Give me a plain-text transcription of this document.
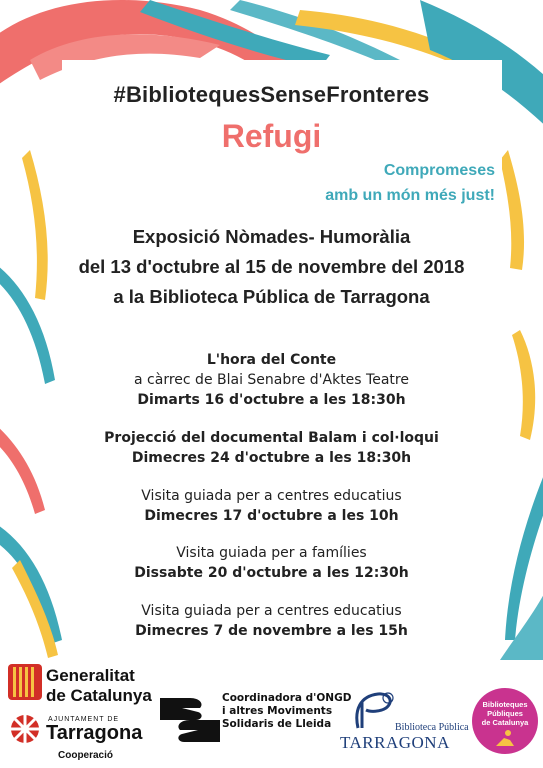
#BibliotequesSenseFronteres
Refugi
Compromeses
amb un món més just!
Exposició Nòmades- Humoràlia
del 13 d'octubre al 15 de novembre del 2018
a la Biblioteca Pública de Tarragona
L'hora del Conte
a càrrec de Blai Senabre d'Aktes Teatre
Dimarts 16 d'octubre a les 18:30h
Projecció del documental Balam i col·loqui
Dimecres 24 d'octubre a les 18:30h
Visita guiada per a centres educatius
Dimecres 17 d'octubre a les 10h
Visita guiada per a famílies
Dissabte 20 d'octubre a les 12:30h
Visita guiada per a centres educatius
Dimecres 7 de novembre a les 15h
Generalitat
de Catalunya
AJUNTAMENT DE
Tarragona
Cooperació
Coordinadora d'ONGD
i altres Moviments
Solidaris de Lleida	Biblioteca Pública
TARRAGONA
Biblioteques
Públiques
de Catalunya
